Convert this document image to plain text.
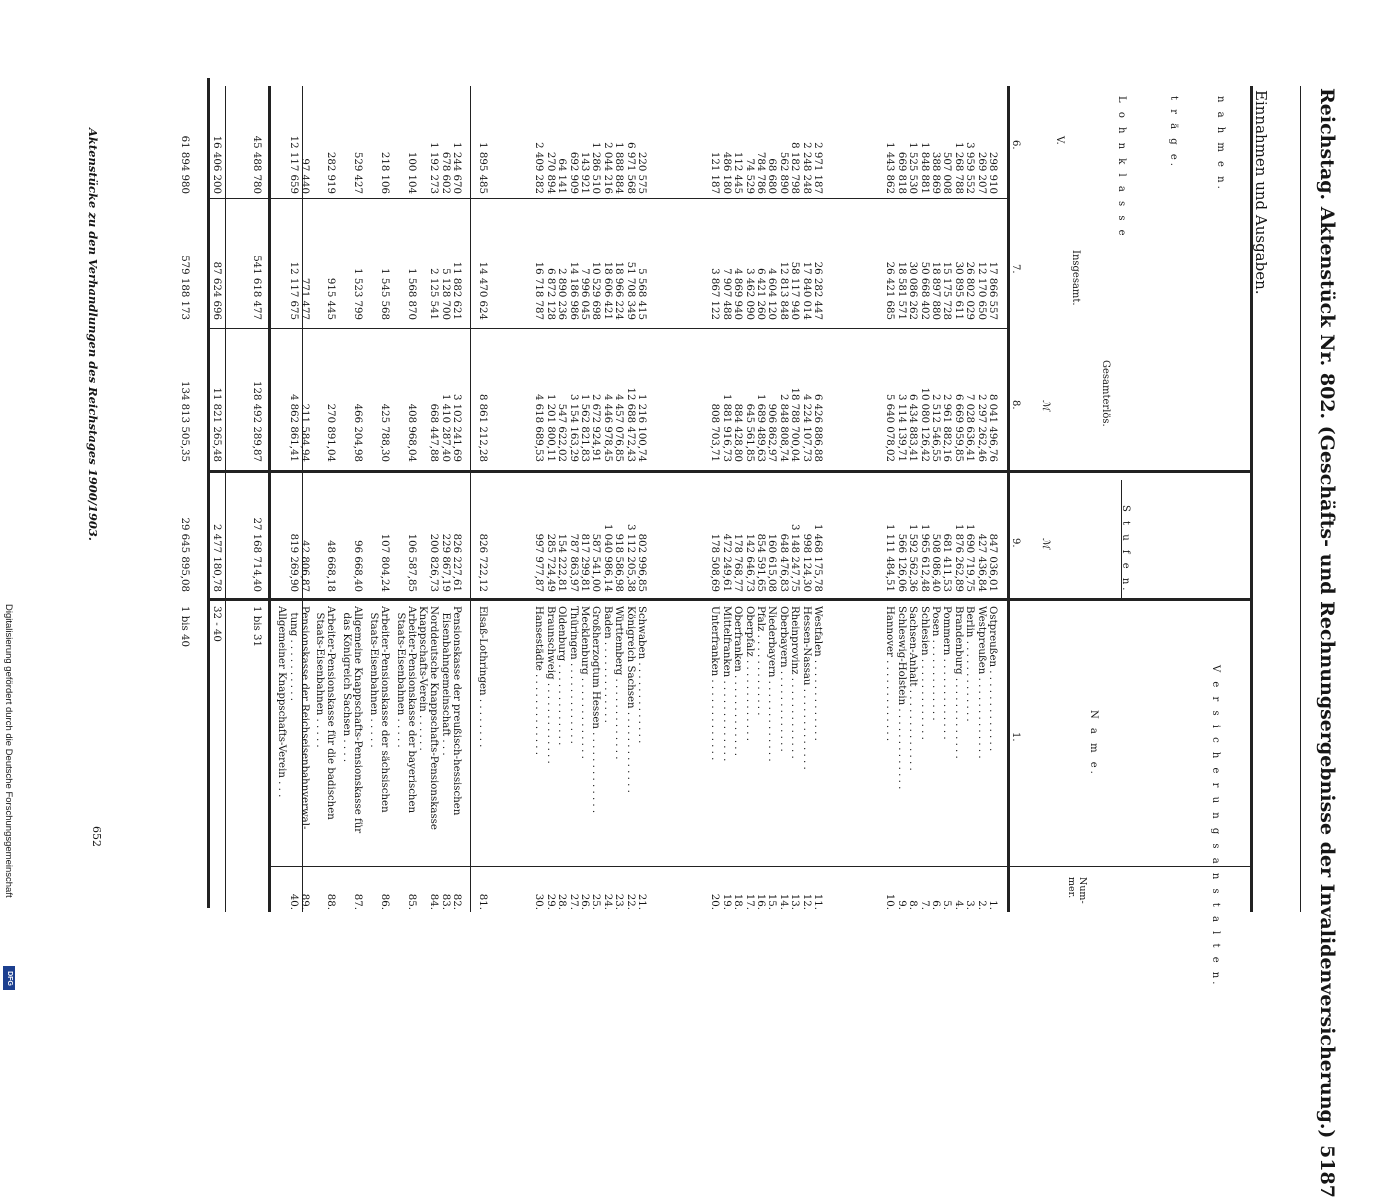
Digitalisierung gefördert durch die Deutsche Forschungsgemeinschaft
DFG	Reichstag. Aktenstück Nr. 802. (Geschäfts- und Rechnungsergebnisse der Invalidenversicherung.) 5187
Einnahmen und Ausgaben.
n a h m e n.
t r ä g e.
L o h n k l a s s e
V.
Insgesamt.
Gesamterlös.
S t u f e n.
V e r s i c h e r u n g s a n s t a l t e n.
N a m e.
Num-
mer.
6.
7.
8.
9.
1.
ℳ
ℳ
298 910
269 207
3 959 552
1 268 788
507 008
388 869
1 848 881
1 525 530
669 818
1 443 862
17 866 557
12 170 650
26 802 029
30 895 611
15 175 728
18 897 880
50 668 402
30 086 262
18 581 571
26 421 685
8 041 496,76
2 297 262,46
7 028 636,41
6 669 959,85
2 961 882,16
2 512 546,55
10 080 126,42
6 434 883,41
3 114 139,71
5 640 078,02
847 036,01
427 436,84
1 690 719,75
1 876 262,89
681 411,53
508 086,40
1 965 612,48
1 592 562,36
566 126,06
1 111 484,51
Ostpreußen . . . . . . . . . . . . .
Westpreußen . . . . . . . . . . . . .
Berlin . . . . . . . . . . . . .
Brandenburg . . . . . . . . . . . . .
Pommern . . . . . . . . . . . . .
Posen . . . . . . . . . . . . .
Schlesien . . . . . . . . . . . . .
Sachsen-Anhalt . . . . . . . . . . . . .
Schleswig-Holstein . . . . . . . . . . . . .
Hannover . . . . . . . . . . . . .
1.
2.
3.
4.
5.
6.
7.
8.
9.
10.
2 971 187
2 248 248
8 182 798
562 890
68 680
784 786
74 529
112 445
486 180
121 187
26 282 447
17 840 014
58 117 940
12 813 848
4 604 120
6 421 260
3 462 090
4 869 940
7 907 488
3 867 122
6 426 886,88
4 224 107,73
18 788 700,04
2 848 808,74
906 862,97
1 689 489,63
645 561,85
884 428,80
1 881 916,73
808 703,71
1 468 175,78
998 124,30
3 148 247,75
648 476,83
160 615,08
854 591,65
142 646,73
178 768,77
472 249,61
178 508,69
Westfalen . . . . . . . . . . . . .
Hessen-Nassau . . . . . . . . . . . . .
Rheinprovinz . . . . . . . . . . . . .
Oberbayern . . . . . . . . . . . . .
Niederbayern . . . . . . . . . . . . .
Pfalz . . . . . . . . . . . . .
Oberpfalz . . . . . . . . . . . . .
Oberfranken . . . . . . . . . . . . .
Mittelfranken . . . . . . . . . . . . .
Unterfranken . . . . . . . . . . . . .
11.
12.
13.
14.
15.
16.
17.
18.
19.
20.
220 575
6 971 568
1 888 884
2 044 216
1 286 510
143 921
692 909
64 141
270 894
2 409 282
5 568 415
51 708 349
18 966 224
18 606 421
10 529 698
7 996 045
14 186 986
2 890 236
6 872 128
16 718 787
1 216 100,74
12 688 472,43
4 457 076,85
4 446 978,45
2 672 924,91
1 562 821,83
3 154 163,29
547 622,02
1 201 800,11
4 618 689,53
802 996,85
3 112 205,38
918 586,98
1 040 986,14
587 541,00
817 299,81
787 863,97
154 222,81
285 724,49
997 977,87
Schwaben . . . . . . . . . . . . .
Königreich Sachsen . . . . . . . . . . . . .
Württemberg . . . . . . . . . . . . .
Baden . . . . . . . . . . . . .
Großherzogtum Hessen . . . . . . . . . . . . .
Mecklenburg . . . . . . . . . . . . .
Thüringen . . . . . . . . . . . . .
Oldenburg . . . . . . . . . . . . .
Braunschweig . . . . . . . . . . . . .
Hansestädte . . . . . . . . . . . . .
21.
22.
23.
24.
25.
26.
27.
28.
29.
30.
1 895 485
14 470 624
8 861 212,28
826 722,12
Elsaß-Lothringen . . . . . . . .
81.
1 244 670
678 602
1 192 273
11 882 621
5 128 700
2 125 541
3 102 241,69
1 410 287,40
668 447,88
826 227,61
229 867,19
200 826,73
Pensionskasse der preußisch-hessischen
Eisenbahngemeinschaft . . .
Norddeutsche Knappschafts-Pensionskasse
Knappschafts-Verein . . . . . .
82.
83.
84.
100 104
1 568 870
408 968,04
106 587,85
Arbeiter-Pensionskasse der bayerischen
Staats-Eisenbahnen . . . . .
85.
218 106
1 545 568
425 788,30
107 804,24
Arbeiter-Pensionskasse der sächsischen
Staats-Eisenbahnen . . . . .
86.
529 427
1 523 799
466 204,98
96 668,40
Allgemeine Knappschafts-Pensionskasse für
das Königreich Sachsen . . . .
87.
282 919
915 445
270 891,04
48 668,18
Arbeiter-Pensionskasse für die badischen
Staats-Eisenbahnen . . . . .
88.
97 440
12 117 659
771 477
12 117 675
211 584,94
4 862 861,41
42 806,87
819 269,90
Pensionskasse der Reichseisenbahnverwal-
tung . . . . . . . . . .
Allgemeiner Knappschafts-Verein . . .
89.
40.
45 488 780
541 618 477
128 492 289,87
27 168 714,40
1 bis 31
16 406 200
87 624 696
11 821 265,48
2 477 180,78
32 - 40
61 894 980
579 188 173
134 813 505,35
29 645 895,08
1 bis 40
Aktenstücke zu den Verhandlungen des Reichstages 1900/1903.
652
